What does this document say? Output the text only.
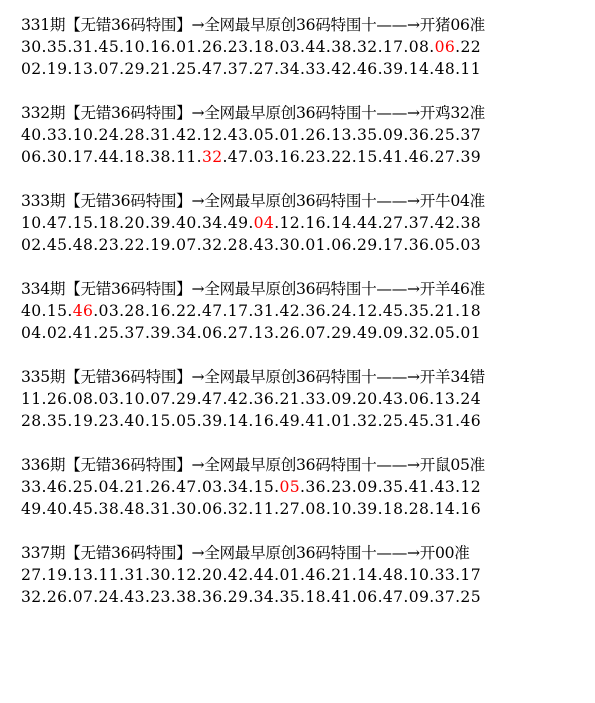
331期【无错36码特围】→全网最早原创36码特围十——→开猪06准
30.35.31.45.10.16.01.26.23.18.03.44.38.32.17.08.06.22
02.19.13.07.29.21.25.47.37.27.34.33.42.46.39.14.48.11
332期【无错36码特围】→全网最早原创36码特围十——→开鸡32准
40.33.10.24.28.31.42.12.43.05.01.26.13.35.09.36.25.37
06.30.17.44.18.38.11.32.47.03.16.23.22.15.41.46.27.39
333期【无错36码特围】→全网最早原创36码特围十——→开牛04准
10.47.15.18.20.39.40.34.49.04.12.16.14.44.27.37.42.38
02.45.48.23.22.19.07.32.28.43.30.01.06.29.17.36.05.03
334期【无错36码特围】→全网最早原创36码特围十——→开羊46准
40.15.46.03.28.16.22.47.17.31.42.36.24.12.45.35.21.18
04.02.41.25.37.39.34.06.27.13.26.07.29.49.09.32.05.01
335期【无错36码特围】→全网最早原创36码特围十——→开羊34错
11.26.08.03.10.07.29.47.42.36.21.33.09.20.43.06.13.24
28.35.19.23.40.15.05.39.14.16.49.41.01.32.25.45.31.46
336期【无错36码特围】→全网最早原创36码特围十——→开鼠05准
33.46.25.04.21.26.47.03.34.15.05.36.23.09.35.41.43.12
49.40.45.38.48.31.30.06.32.11.27.08.10.39.18.28.14.16
337期【无错36码特围】→全网最早原创36码特围十——→开00准
27.19.13.11.31.30.12.20.42.44.01.46.21.14.48.10.33.17
32.26.07.24.43.23.38.36.29.34.35.18.41.06.47.09.37.25
